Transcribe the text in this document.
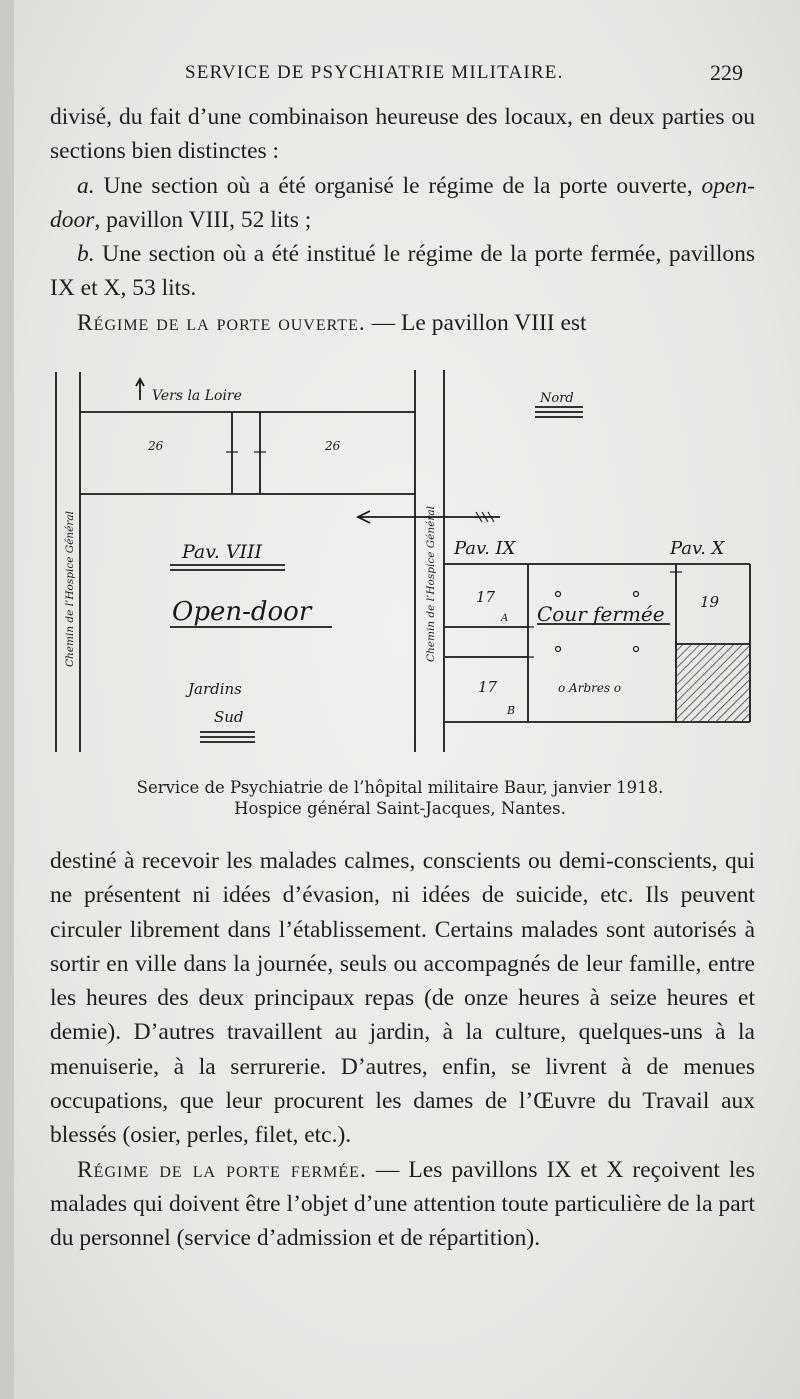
SERVICE DE PSYCHIATRIE MILITAIRE.	229

divisé, du fait d’une combinaison heureuse des locaux, en deux parties ou sections bien distinctes :

a. Une section où a été organisé le régime de la porte ouverte, open-door, pavillon VIII, 52 lits ;

b. Une section où a été institué le régime de la porte fermée, pavillons IX et X, 53 lits.

Régime de la porte ouverte. — Le pavillon VIII est

Vers la Loire	Nord
26	26
Chemin de l’Hospice Général	Chemin de l’Hospice Général
Pav. VIII
Open-door
Jardins
Sud
Pav. IX	Pav. X
17
A Cour fermée 19
17
B
o Arbres o
Service de Psychiatrie de l’hôpital militaire Baur, janvier 1918.
Hospice général Saint-Jacques, Nantes.

destiné à recevoir les malades calmes, conscients ou demi-conscients, qui ne présentent ni idées d’évasion, ni idées de suicide, etc. Ils peuvent circuler librement dans l’établissement. Certains malades sont autorisés à sortir en ville dans la journée, seuls ou accompagnés de leur famille, entre les heures des deux principaux repas (de onze heures à seize heures et demie). D’autres travaillent au jardin, à la culture, quelques-uns à la menuiserie, à la serrurerie. D’autres, enfin, se livrent à de menues occupations, que leur procurent les dames de l’Œuvre du Travail aux blessés (osier, perles, filet, etc.).

Régime de la porte fermée. — Les pavillons IX et X reçoivent les malades qui doivent être l’objet d’une attention toute particulière de la part du personnel (service d’admission et de répartition).
